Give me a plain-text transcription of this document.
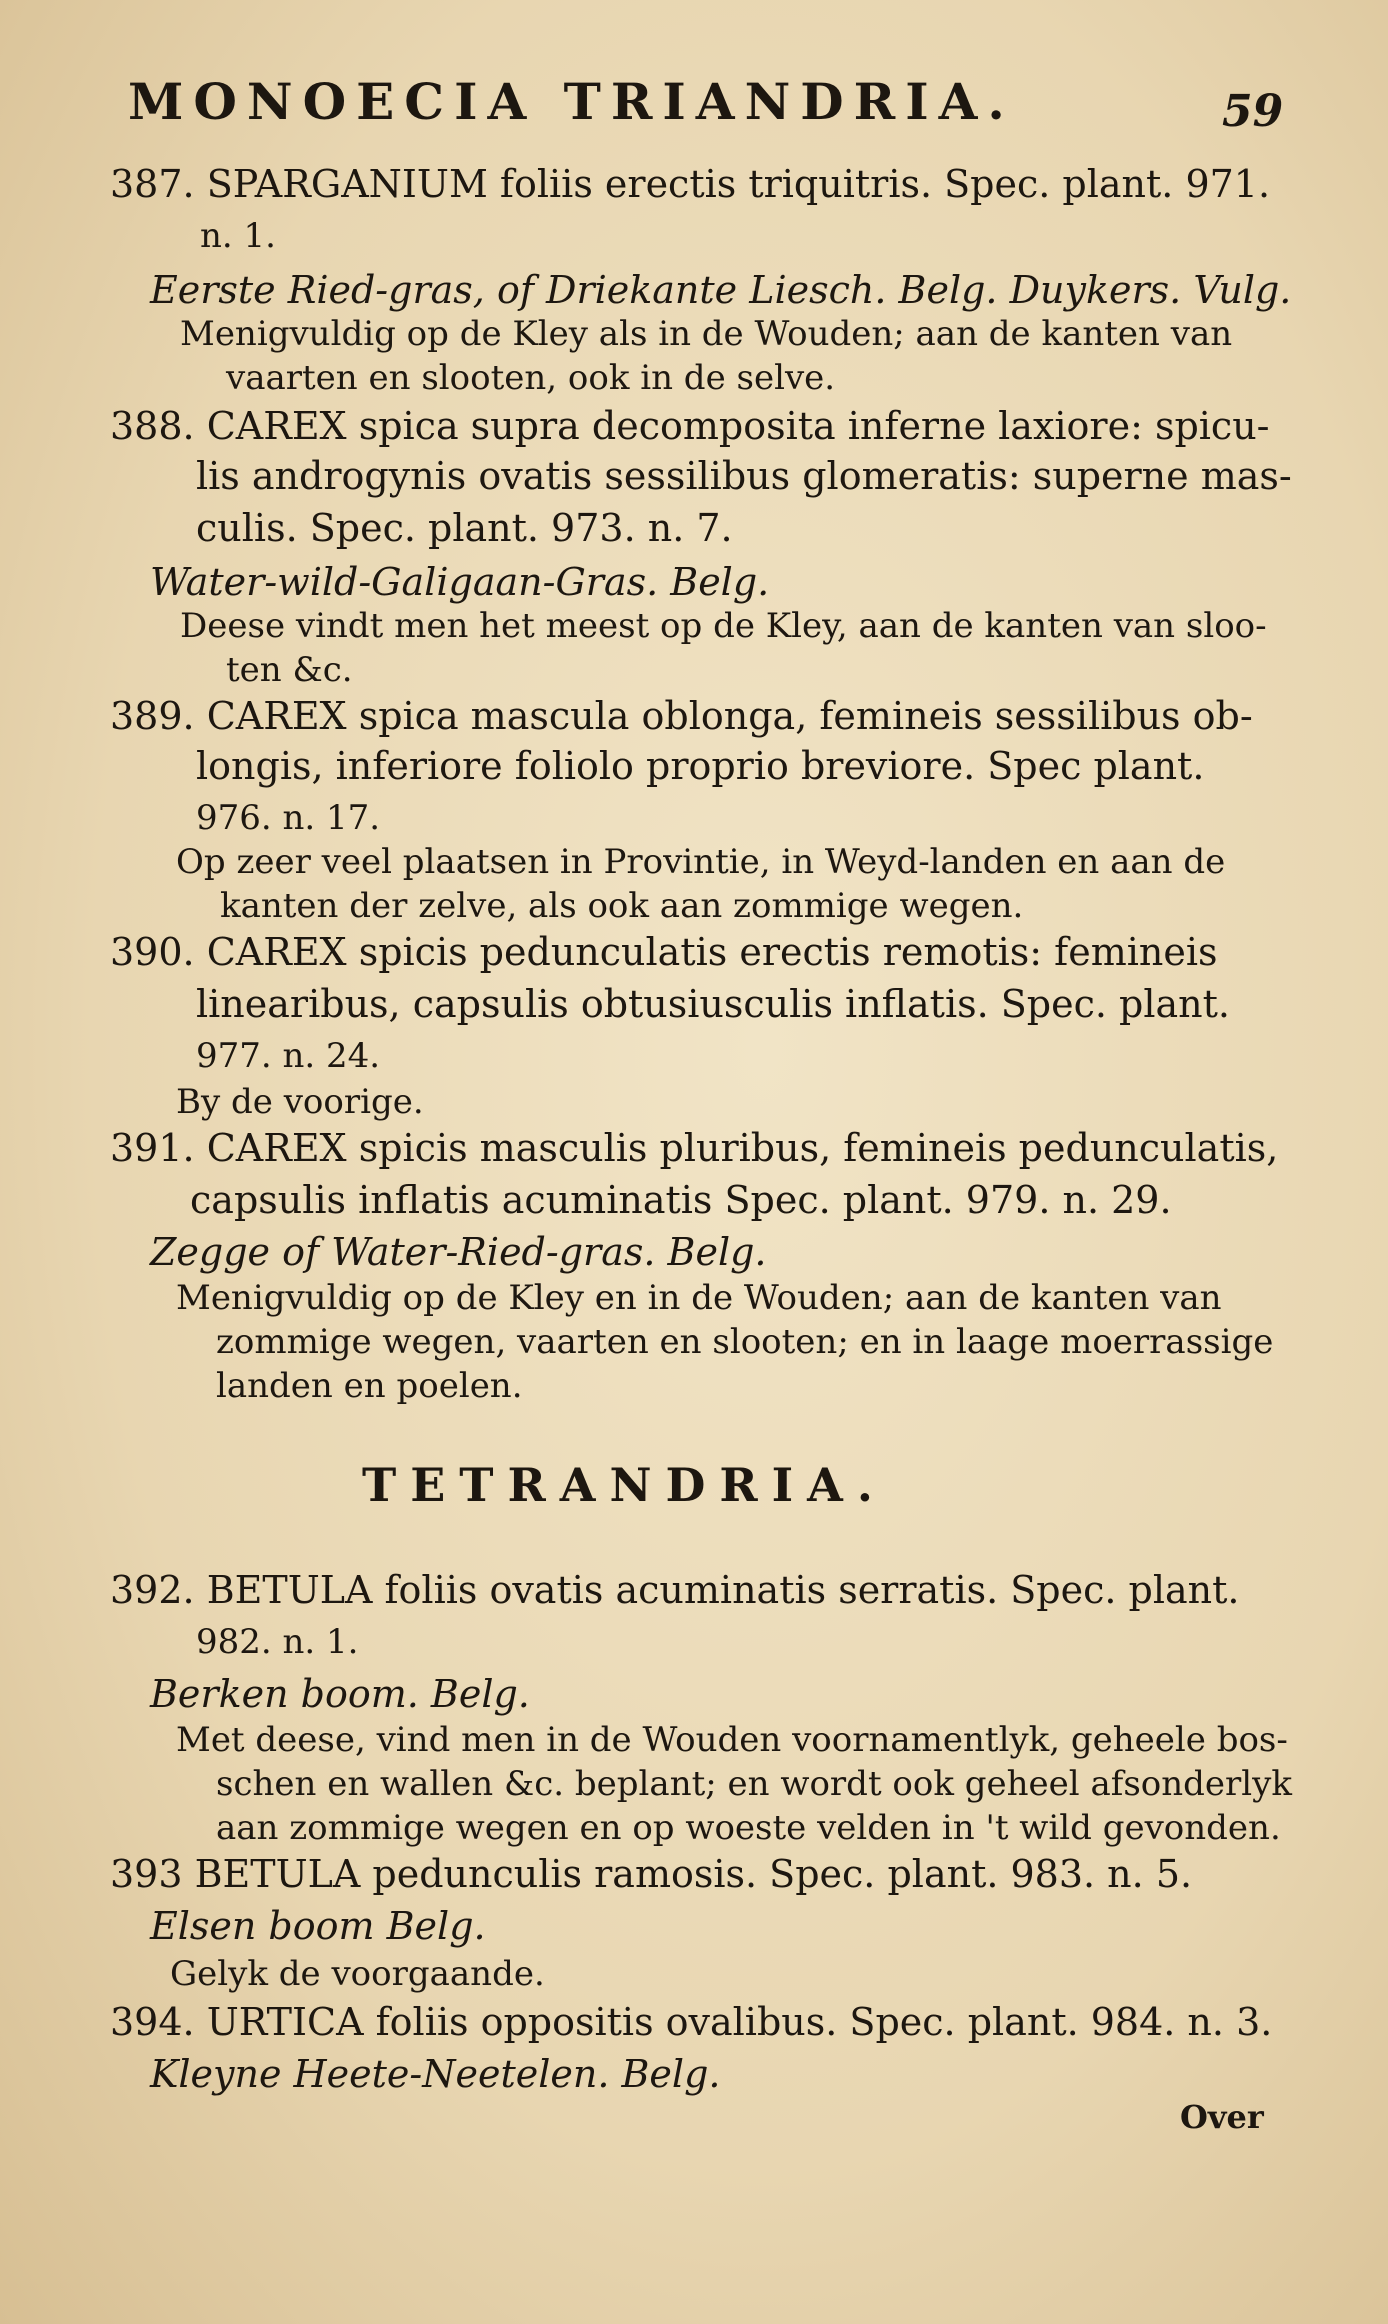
MONOECIA TRIANDRIA.	59
387. SPARGANIUM foliis erectis triquitris. Spec. plant. 971.
n. 1.
Eerste Ried-gras, of Driekante Liesch. Belg. Duykers. Vulg.
Menigvuldig op de Kley als in de Wouden; aan de kanten van
vaarten en slooten, ook in de selve.
388. CAREX spica supra decomposita inferne laxiore: spicu-
lis androgynis ovatis sessilibus glomeratis: superne mas-
culis. Spec. plant. 973. n. 7.
Water-wild-Galigaan-Gras. Belg.
Deese vindt men het meest op de Kley, aan de kanten van sloo-
ten &c.
389. CAREX spica mascula oblonga, femineis sessilibus ob-
longis, inferiore foliolo proprio breviore. Spec plant.
976. n. 17.
Op zeer veel plaatsen in Provintie, in Weyd-landen en aan de
kanten der zelve, als ook aan zommige wegen.
390. CAREX spicis pedunculatis erectis remotis: femineis
linearibus, capsulis obtusiusculis inflatis. Spec. plant.
977. n. 24.
By de voorige.
391. CAREX spicis masculis pluribus, femineis pedunculatis,
capsulis inflatis acuminatis Spec. plant. 979. n. 29.
Zegge of Water-Ried-gras. Belg.
Menigvuldig op de Kley en in de Wouden; aan de kanten van
zommige wegen, vaarten en slooten; en in laage moerrassige
landen en poelen.
392. BETULA foliis ovatis acuminatis serratis. Spec. plant.
982. n. 1.
Berken boom. Belg.
Met deese, vind men in de Wouden voornamentlyk, geheele bos-
schen en wallen &c. beplant; en wordt ook geheel afsonderlyk
aan zommige wegen en op woeste velden in 't wild gevonden.
393 BETULA pedunculis ramosis. Spec. plant. 983. n. 5.
Elsen boom Belg.
Gelyk de voorgaande.
394. URTICA foliis oppositis ovalibus. Spec. plant. 984. n. 3.
Kleyne Heete-Neetelen. Belg.
TETRANDRIA.
Over
